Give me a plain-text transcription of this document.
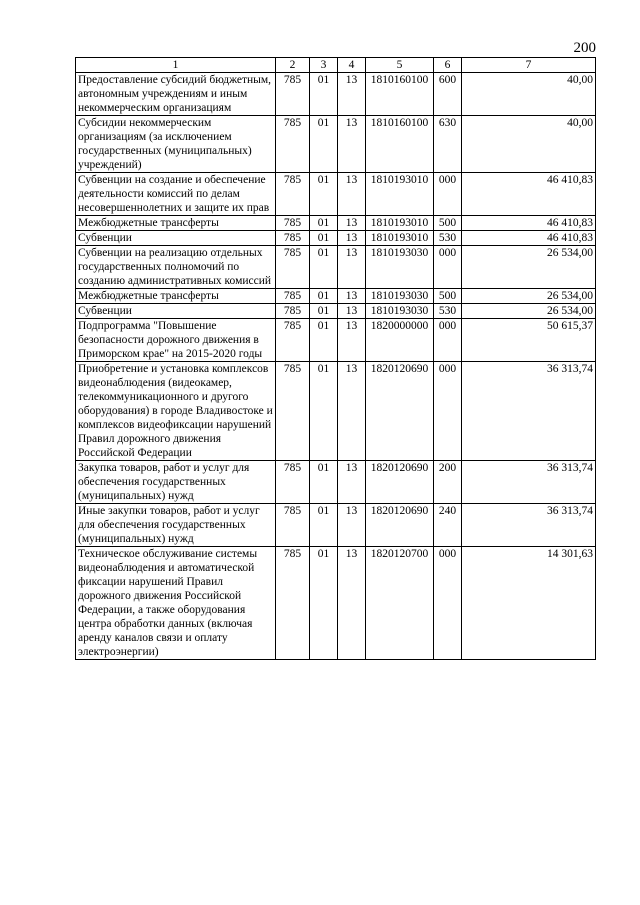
200
1	2	3	4	5	6	7
Предоставление субсидий бюджетным, автономным учреждениям и иным некоммерческим организациям	785	01	13	1810160100	600	40,00
Субсидии некоммерческим организациям (за исключением государственных (муниципальных) учреждений)	785	01	13	1810160100	630	40,00
Субвенции на создание и обеспечение деятельности комиссий по делам несовершеннолетних и защите их прав	785	01	13	1810193010	000	46 410,83
Межбюджетные трансферты	785	01	13	1810193010	500	46 410,83
Субвенции	785	01	13	1810193010	530	46 410,83
Субвенции на реализацию отдельных государственных полномочий по созданию административных комиссий	785	01	13	1810193030	000	26 534,00
Межбюджетные трансферты	785	01	13	1810193030	500	26 534,00
Субвенции	785	01	13	1810193030	530	26 534,00
Подпрограмма "Повышение безопасности дорожного движения в Приморском крае" на 2015-2020 годы	785	01	13	1820000000	000	50 615,37
Приобретение и установка комплексов видеонаблюдения (видеокамер, телекоммуникационного и другого оборудования) в городе Владивостоке и комплексов видеофиксации нарушений Правил дорожного движения Российской Федерации	785	01	13	1820120690	000	36 313,74
Закупка товаров, работ и услуг для обеспечения государственных (муниципальных) нужд	785	01	13	1820120690	200	36 313,74
Иные закупки товаров, работ и услуг для обеспечения государственных (муниципальных) нужд	785	01	13	1820120690	240	36 313,74
Техническое обслуживание системы видеонаблюдения и автоматической фиксации нарушений Правил дорожного движения Российской Федерации, а также оборудования центра обработки данных (включая аренду каналов связи и оплату электроэнергии)	785	01	13	1820120700	000	14 301,63
